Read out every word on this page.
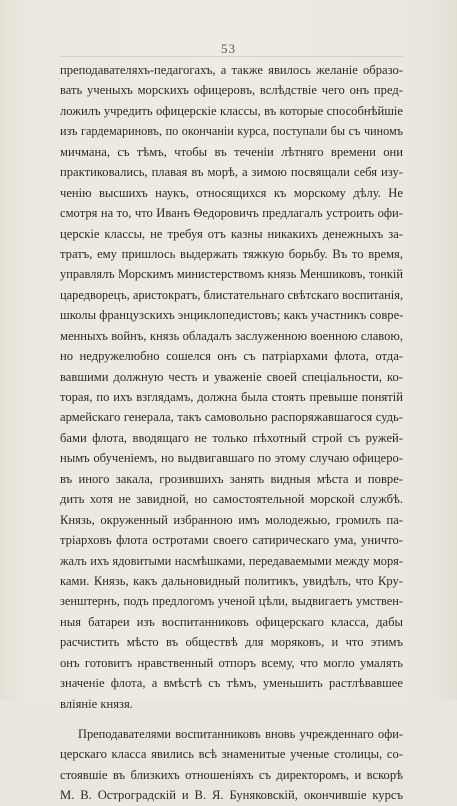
53
преподавателяхъ-педагогахъ, а также явилось желанiе образо-
вать ученыхъ морскихъ офицеровъ, вслѣдствiе чего онъ пред-
ложилъ учредить офицерскiе классы, въ которые способнѣйшiе
изъ гардемариновъ, по окончанiи курса, поступали бы съ чиномъ
мичмана, съ тѣмъ, чтобы въ теченiи лѣтняго времени они
практиковались, плавая въ морѣ, а зимою посвящали себя изу-
ченiю высшихъ наукъ, относящихся къ морскому дѣлу. Не
смотря на то, что Иванъ Ѳедоровичъ предлагалъ устроить офи-
церскiе классы, не требуя отъ казны никакихъ денежныхъ за-
тратъ, ему пришлось выдержать тяжкую борьбу. Въ то время,
управлялъ Морскимъ министерствомъ князь Меншиковъ, тонкiй
царедворецъ, аристократъ, блистательнаго свѣтскаго воспитанiя,
школы французскихъ энциклопедистовъ; какъ участникъ совре-
менныхъ войнъ, князь обладалъ заслуженною военною славою,
но недружелюбно сошелся онъ съ патрiархами флота, отда-
вавшими должную честь и уваженiе своей спецiальности, ко-
торая, по ихъ взглядамъ, должна была стоять превыше понятiй
армейскаго генерала, такъ самовольно распоряжавшагося судь-
бами флота, вводящаго не только пѣхотный строй съ ружей-
нымъ обученiемъ, но выдвигавшаго по этому случаю офицеро-
въ иного закала, грозившихъ занять видныя мѣста и повре-
дить хотя не завидной, но самостоятельной морской службѣ.
Князь, окруженный избранною имъ молодежью, громилъ па-
трiарховъ флота остротами своего сатирическаго ума, уничто-
жалъ ихъ ядовитыми насмѣшками, передаваемыми между моря-
ками. Князь, какъ дальновидный политикъ, увидѣлъ, что Кру-
зенштернъ, подъ предлогомъ ученой цѣли, выдвигаетъ умствен-
ныя батареи изъ воспитанниковъ офицерскаго класса, дабы
расчистить мѣсто въ обществѣ для моряковъ, и что этимъ
онъ готовитъ нравственный отпоръ всему, что могло умалять
значенiе флота, а вмѣстѣ съ тѣмъ, уменьшить растлѣвавшее
влiянiе князя.
Преподавателями воспитанниковъ вновь учрежденнаго офи-
церскаго класса явились всѣ знаменитые ученые столицы, со-
стоявшiе въ близкихъ отношенiяхъ съ директоромъ, и вскорѣ
М. В. Остроградскiй и В. Я. Буняковскiй, окончившiе курсъ
